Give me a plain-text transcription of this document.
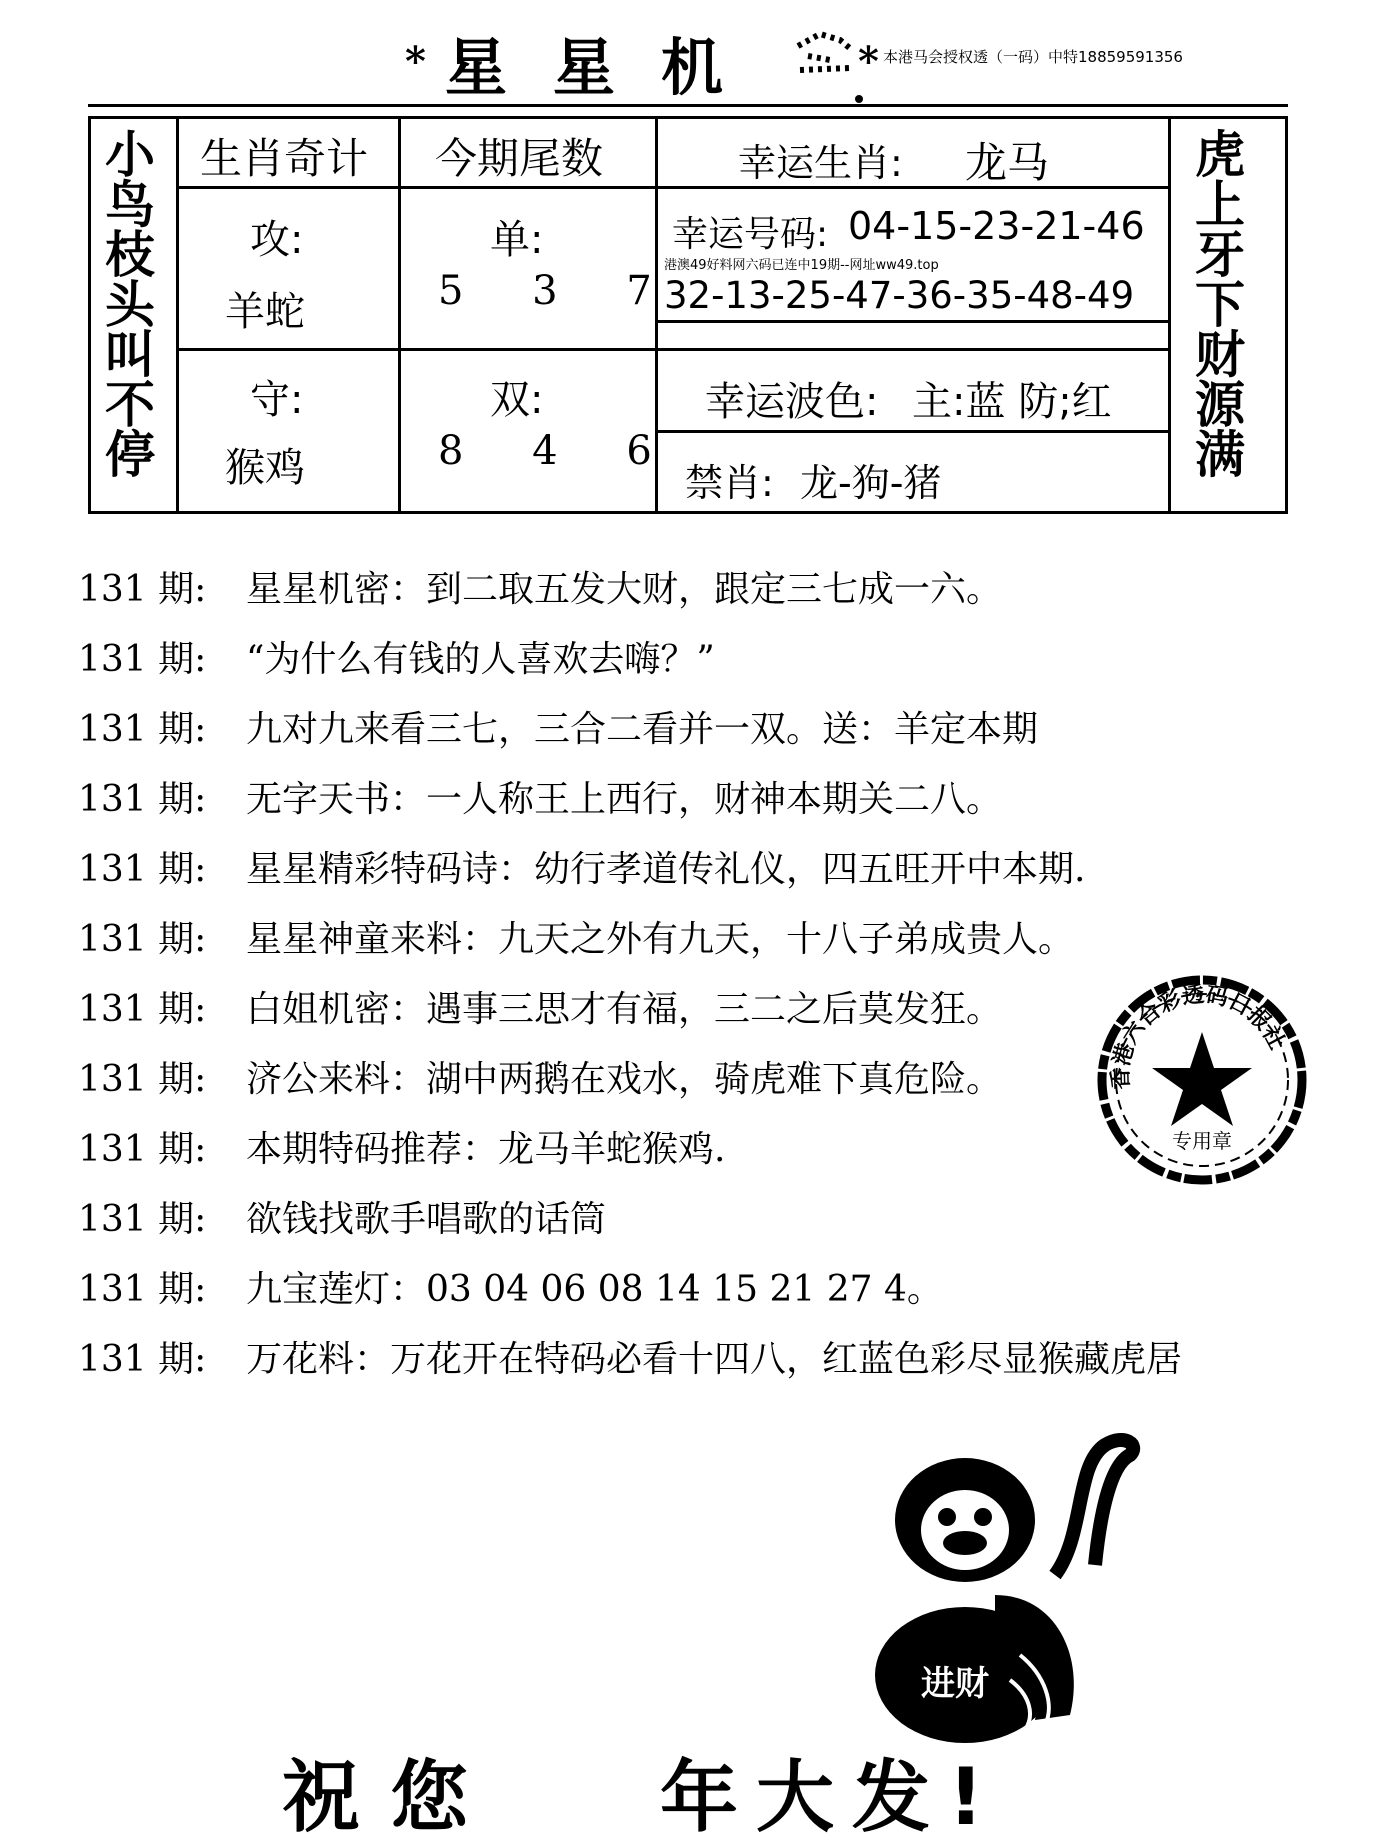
* 星星机 * 本港马会授权透（一码）中特18859591356
小鸟枝头叫不停
虎上牙下财源满
生肖奇计 今期尾数	幸运生肖: 龙马
攻:
羊蛇
单:
5 3 7
幸运号码: 04-15-23-21-46
港澳49好料网六码已连中19期--网址ww49.top
32-13-25-47-36-35-48-49
守:
猴鸡
双:
8 4 6
幸运波色: 主:蓝 防;红
禁肖: 龙-狗-猪
131 期: 星星机密：到二取五发大财，跟定三七成一六。
131 期: “为什么有钱的人喜欢去嗨？”
131 期: 九对九来看三七，三合二看并一双。送：羊定本期
131 期: 无字天书：一人称王上西行，财神本期关二八。
131 期: 星星精彩特码诗：幼行孝道传礼仪，四五旺开中本期.
131 期: 星星神童来料：九天之外有九天，十八子弟成贵人。
131 期: 白姐机密：遇事三思才有福，三二之后莫发狂。
131 期: 济公来料：湖中两鹅在戏水，骑虎难下真危险。
131 期: 本期特码推荐：龙马羊蛇猴鸡.
131 期: 欲钱找歌手唱歌的话筒
131 期: 九宝莲灯：03 04 06 08 14 15 21 27 4。
131 期: 万花料：万花开在特码必看十四八，红蓝色彩尽显猴藏虎居
香港六合彩透码日报社
专用章
进财
祝您 年大发!
